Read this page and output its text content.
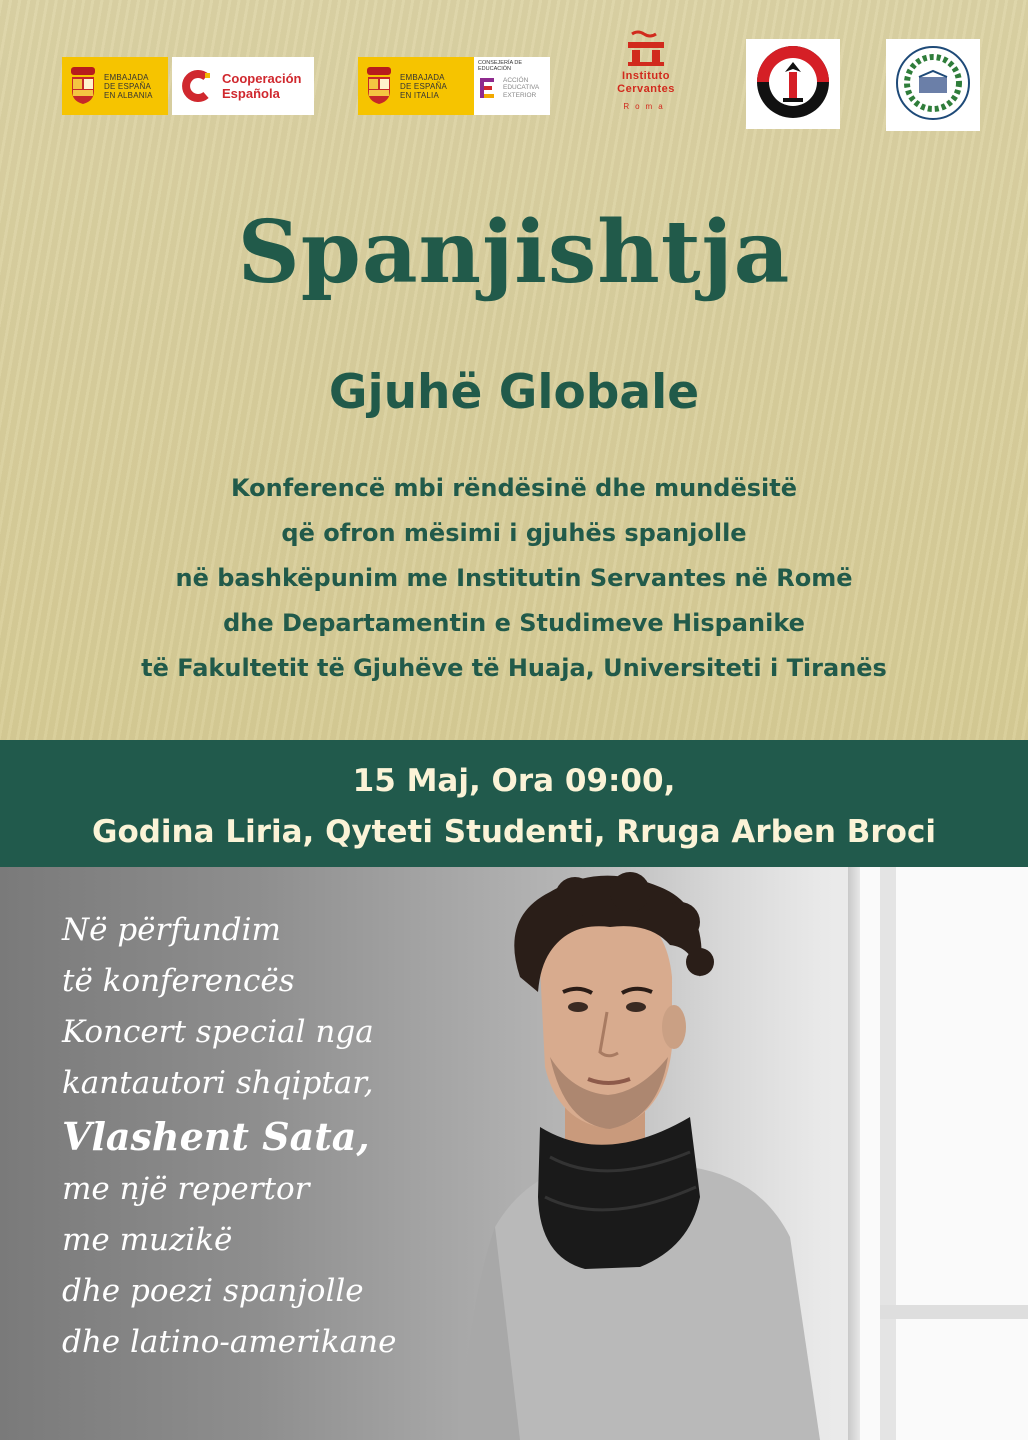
EMBAJADA
DE ESPAÑA
EN ALBANIA
Cooperación
Española
EMBAJADA
DE ESPAÑA
EN ITALIA
CONSEJERÍA DE EDUCACIÓN
ACCIÓN
EDUCATIVA
EXTERIOR
Instituto
Cervantes
Roma
Spanjishtja
Gjuhë Globale
Konferencë mbi rëndësinë dhe mundësitë
që ofron mësimi i gjuhës spanjolle
në bashkëpunim me Institutin Servantes në Romë
dhe Departamentin e Studimeve Hispanike
të Fakultetit të Gjuhëve të Huaja, Universiteti i Tiranës
15 Maj, Ora 09:00,
Godina Liria, Qyteti Studenti, Rruga Arben Broci
Në përfundim
të konferencës
Koncert special nga
kantautori shqiptar,
Vlashent Sata,
me një repertor
me muzikë
dhe poezi spanjolle
dhe latino-amerikane
